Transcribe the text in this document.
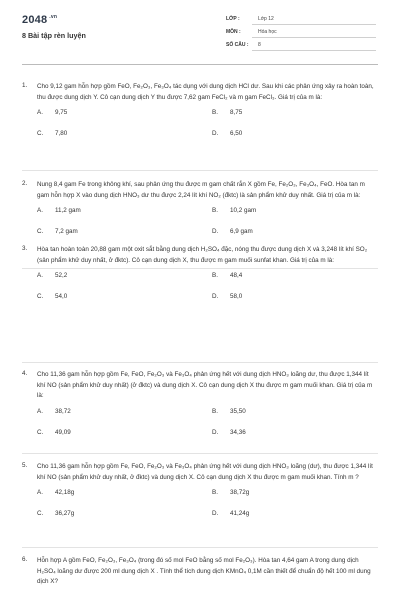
2048 $^{.vn}$
8 Bài tập rèn luyện
LỚP :	Lớp 12
MÔN :	Hóa học
SỐ CÂU : 8
1.	Cho 9,12 gam hỗn hợp gồm FeO, Fe₂O₃, Fe₃O₄ tác dụng với dung dịch HCl dư. Sau khi các phản ứng xảy ra hoàn toàn, thu được dung dịch Y. Cô cạn dung dịch Y thu được 7,62 gam FeCl₂ và m gam FeCl₃. Giá trị của m là:
A. 9,75	B. 8,75
C. 7,80	D. 6,50
2.	Nung 8,4 gam Fe trong không khí, sau phản ứng thu được m gam chất rắn X gồm Fe, Fe₂O₃, Fe₃O₄, FeO. Hòa tan m gam hỗn hợp X vào dung dịch HNO₃ dư thu được 2,24 lít khí NO₂ (đktc) là sản phẩm khử duy nhất. Giá trị của m là:
A. 11,2 gam	B. 10,2 gam
C. 7,2 gam	D. 6,9 gam
3.	Hòa tan hoàn toàn 20,88 gam một oxit sắt bằng dung dịch H₂SO₄ đặc, nóng thu được dung dịch X và 3,248 lít khí SO₂ (sản phẩm khử duy nhất, ở đktc). Cô cạn dung dịch X, thu được m gam muối sunfat khan. Giá trị của m là:
A. 52,2	B. 48,4
C. 54,0	D. 58,0
4.	Cho 11,36 gam hỗn hợp gồm Fe, FeO, Fe₂O₃ và Fe₃O₄ phản ứng hết với dung dịch HNO₃ loãng dư, thu được 1,344 lít khí NO (sản phẩm khử duy nhất) (ở đktc) và dung dịch X. Cô cạn dung dịch X thu được m gam muối khan. Giá trị của m là:
A. 38,72	B. 35,50
C. 49,09	D. 34,36
5.	Cho 11,36 gam hỗn hợp gồm Fe, FeO, Fe₂O₃ và Fe₃O₄ phản ứng hết với dung dịch HNO₃ loãng (dư), thu được 1,344 lít khí NO (sản phẩm khử duy nhất, ở đktc) và dung dịch X. Cô cạn dung dịch X thu được m gam muối khan. Tính m ?
A. 42,18g	B. 38,72g
C. 36,27g	D. 41,24g
6.	Hỗn hợp A gồm FeO, Fe₂O₃, Fe₃O₄ (trong đó số mol FeO bằng số mol Fe₂O₃). Hòa tan 4,64 gam A trong dung dịch H₂SO₄ loãng dư được 200 ml dung dịch X . Tính thể tích dung dịch KMnO₄ 0,1M cần thiết để chuẩn độ hết 100 ml dung dịch X?
